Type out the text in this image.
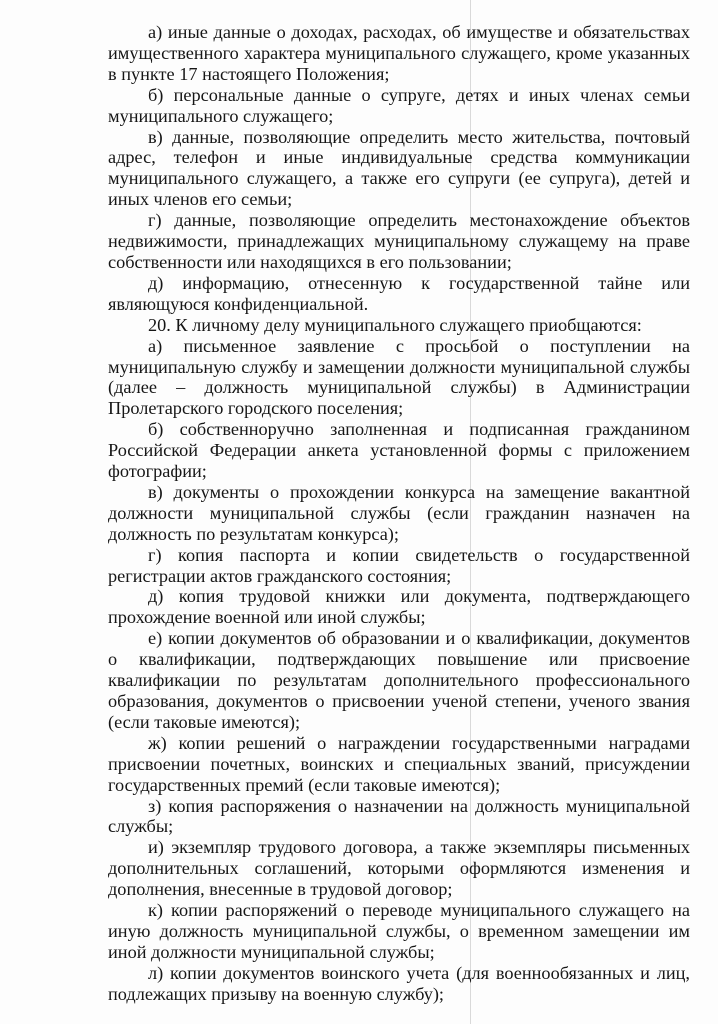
а) иные данные о доходах, расходах, об имуществе и обязательствах имущественного характера муниципального служащего, кроме указанных в пункте 17 настоящего Положения;

б) персональные данные о супруге, детях и иных членах семьи муниципального служащего;

в) данные, позволяющие определить место жительства, почтовый адрес, телефон и иные индивидуальные средства коммуникации муниципального служащего, а также его супруги (ее супруга), детей и иных членов его семьи;

г) данные, позволяющие определить местонахождение объектов недвижимости, принадлежащих муниципальному служащему на праве собственности или находящихся в его пользовании;

д) информацию, отнесенную к государственной тайне или являющуюся конфиденциальной.

20. К личному делу муниципального служащего приобщаются:

а) письменное заявление с просьбой о поступлении на муниципальную службу и замещении должности муниципальной службы (далее – должность муниципальной службы) в Администрации Пролетарского городского поселения;

б) собственноручно заполненная и подписанная гражданином Российской Федерации анкета установленной формы с приложением фотографии;

в) документы о прохождении конкурса на замещение вакантной должности муниципальной службы (если гражданин назначен на должность по результатам конкурса);

г) копия паспорта и копии свидетельств о государственной регистрации актов гражданского состояния;

д) копия трудовой книжки или документа, подтверждающего прохождение военной или иной службы;

е) копии документов об образовании и о квалификации, документов о квалификации, подтверждающих повышение или присвоение квалификации по результатам дополнительного профессионального образования, документов о присвоении ученой степени, ученого звания (если таковые имеются);

ж) копии решений о награждении государственными наградами присвоении почетных, воинских и специальных званий, присуждении государственных премий (если таковые имеются);

з) копия распоряжения о назначении на должность муниципальной службы;

и) экземпляр трудового договора, а также экземпляры письменных дополнительных соглашений, которыми оформляются изменения и дополнения, внесенные в трудовой договор;

к) копии распоряжений о переводе муниципального служащего на иную должность муниципальной службы, о временном замещении им иной должности муниципальной службы;

л) копии документов воинского учета (для военнообязанных и лиц, подлежащих призыву на военную службу);
